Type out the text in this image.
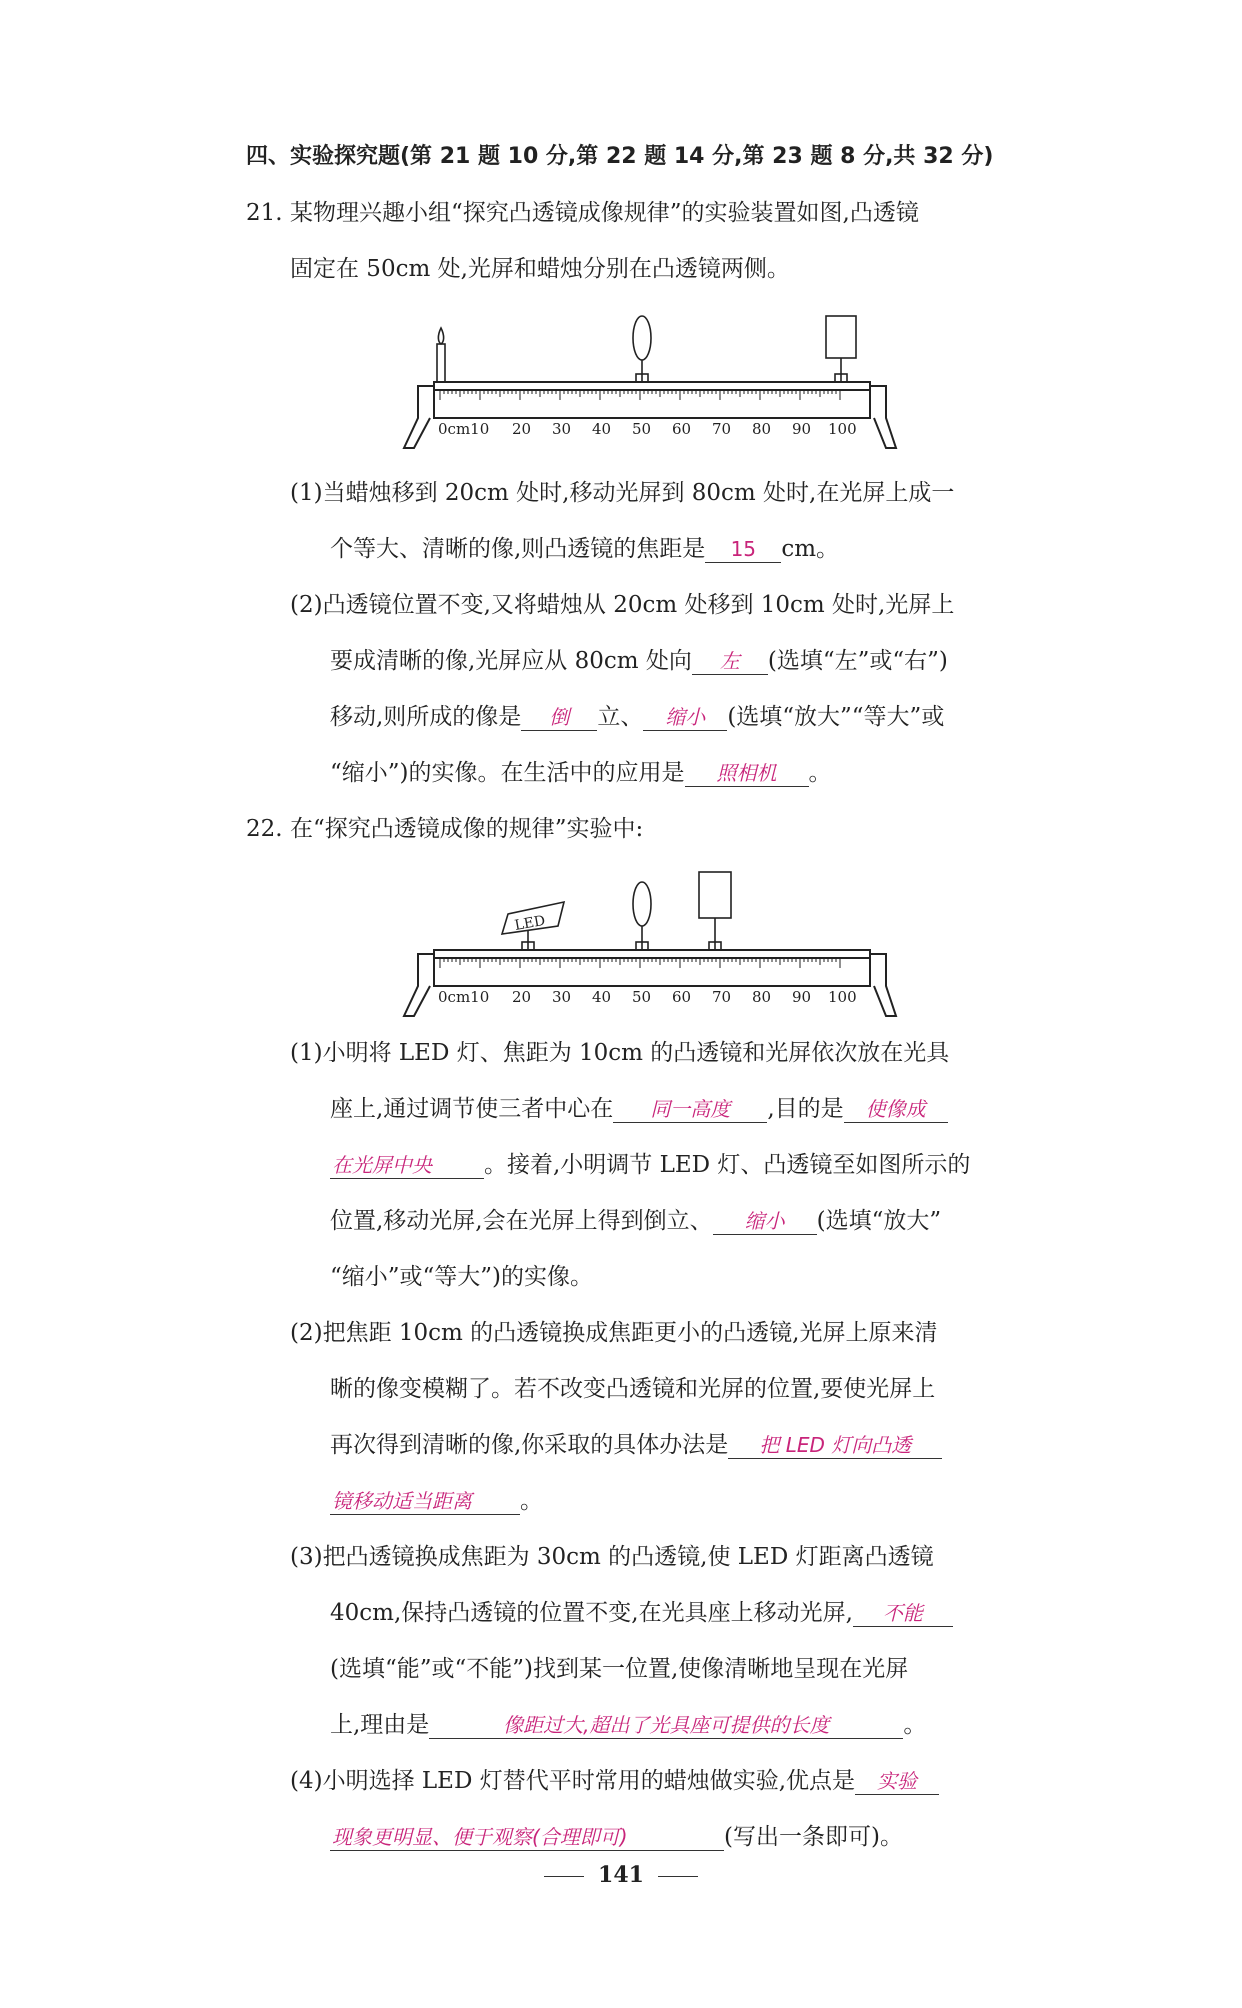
四、实验探究题(第 21 题 10 分,第 22 题 14 分,第 23 题 8 分,共 32 分)
21. 某物理兴趣小组“探究凸透镜成像规律”的实验装置如图,凸透镜
固定在 50cm 处,光屏和蜡烛分别在凸透镜两侧。
0cm10 20 30 40 50 60 70 80 90 100
(1)当蜡烛移到 20cm 处时,移动光屏到 80cm 处时,在光屏上成一
个等大、清晰的像,则凸透镜的焦距是 15 cm。
(2)凸透镜位置不变,又将蜡烛从 20cm 处移到 10cm 处时,光屏上
要成清晰的像,光屏应从 80cm 处向 左 (选填“左”或“右”)
移动,则所成的像是 倒 立、 缩小 (选填“放大”“等大”或
“缩小”)的实像。在生活中的应用是 照相机 。
22. 在“探究凸透镜成像的规律”实验中:
0cm10 20 30 40 50 60 70 80 90 100
LED
(1)小明将 LED 灯、焦距为 10cm 的凸透镜和光屏依次放在光具
座上,通过调节使三者中心在 同一高度 ,目的是 使像成
在光屏中央 。接着,小明调节 LED 灯、凸透镜至如图所示的
位置,移动光屏,会在光屏上得到倒立、 缩小 (选填“放大”
“缩小”或“等大”)的实像。
(2)把焦距 10cm 的凸透镜换成焦距更小的凸透镜,光屏上原来清
晰的像变模糊了。若不改变凸透镜和光屏的位置,要使光屏上
再次得到清晰的像,你采取的具体办法是 把 LED 灯向凸透
镜移动适当距离 。
(3)把凸透镜换成焦距为 30cm 的凸透镜,使 LED 灯距离凸透镜
40cm,保持凸透镜的位置不变,在光具座上移动光屏, 不能
(选填“能”或“不能”)找到某一位置,使像清晰地呈现在光屏
上,理由是	像距过大,超出了光具座可提供的长度	。
(4)小明选择 LED 灯替代平时常用的蜡烛做实验,优点是 实验
现象更明显、便于观察(合理即可)	(写出一条即可)。
141
